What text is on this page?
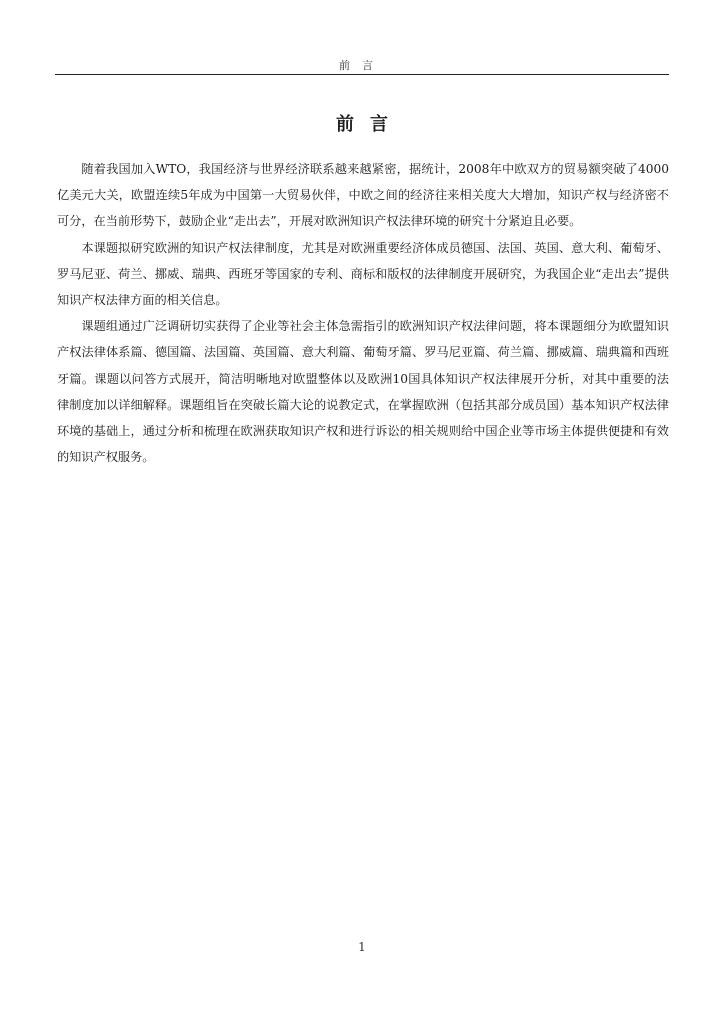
前言
前言

随着我国加入WTO，我国经济与世界经济联系越来越紧密，据统计，2008年中欧双方的贸易额突破了4000亿美元大关，欧盟连续5年成为中国第一大贸易伙伴，中欧之间的经济往来相关度大大增加，知识产权与经济密不可分，在当前形势下，鼓励企业“走出去”，开展对欧洲知识产权法律环境的研究十分紧迫且必要。

本课题拟研究欧洲的知识产权法律制度，尤其是对欧洲重要经济体成员德国、法国、英国、意大利、葡萄牙、罗马尼亚、荷兰、挪威、瑞典、西班牙等国家的专利、商标和版权的法律制度开展研究，为我国企业“走出去”提供知识产权法律方面的相关信息。

课题组通过广泛调研切实获得了企业等社会主体急需指引的欧洲知识产权法律问题，将本课题细分为欧盟知识产权法律体系篇、德国篇、法国篇、英国篇、意大利篇、葡萄牙篇、罗马尼亚篇、荷兰篇、挪威篇、瑞典篇和西班牙篇。课题以问答方式展开，简洁明晰地对欧盟整体以及欧洲10国具体知识产权法律展开分析，对其中重要的法律制度加以详细解释。课题组旨在突破长篇大论的说教定式，在掌握欧洲（包括其部分成员国）基本知识产权法律环境的基础上，通过分析和梳理在欧洲获取知识产权和进行诉讼的相关规则给中国企业等市场主体提供便捷和有效的知识产权服务。

1
